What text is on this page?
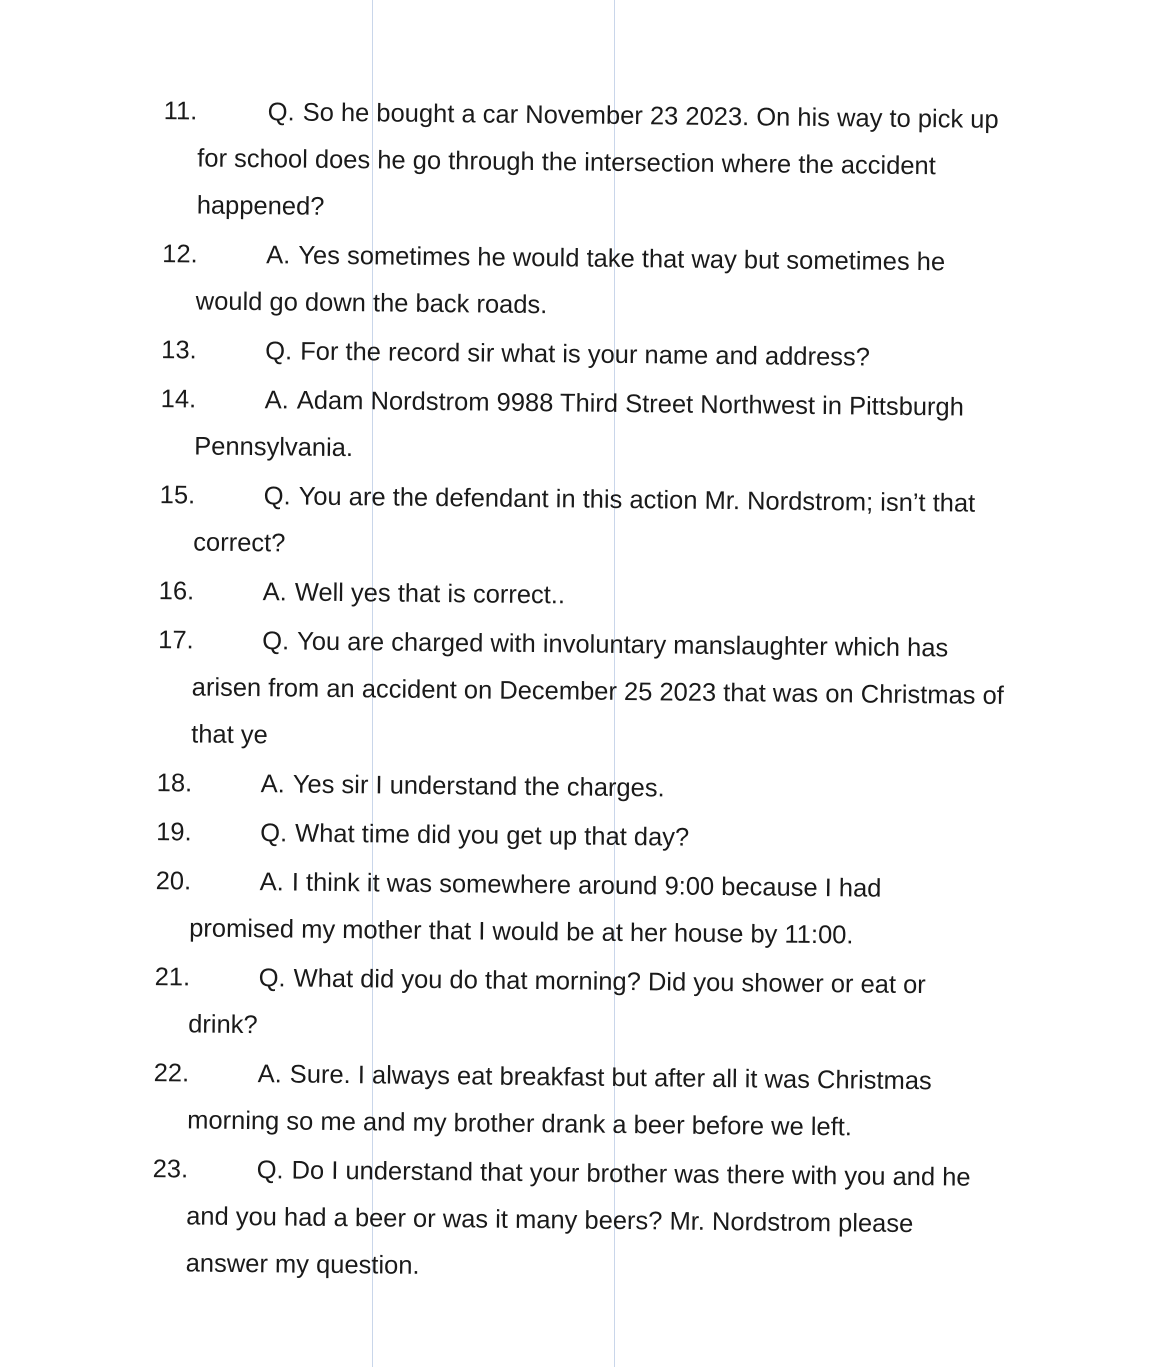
11.	Q. So he bought a car November 23 2023. On his way to pick up for school does he go through the intersection where the accident happened?
12.	A. Yes sometimes he would take that way but sometimes he would go down the back roads.
13.	Q. For the record sir what is your name and address?
14.	A. Adam Nordstrom 9988 Third Street Northwest in Pittsburgh Pennsylvania.
15.	Q. You are the defendant in this action Mr. Nordstrom; isn’t that correct?
16.	A. Well yes that is correct..
17.	Q. You are charged with involuntary manslaughter which has arisen from an accident on December 25 2023 that was on Christmas of that ye
18.	A. Yes sir I understand the charges.
19.	Q. What time did you get up that day?
20.	A. I think it was somewhere around 9:00 because I had promised my mother that I would be at her house by 11:00.
21.	Q. What did you do that morning? Did you shower or eat or drink?
22.	A. Sure. I always eat breakfast but after all it was Christmas morning so me and my brother drank a beer before we left.
23.	Q. Do I understand that your brother was there with you and he and you had a beer or was it many beers? Mr. Nordstrom please answer my question.
